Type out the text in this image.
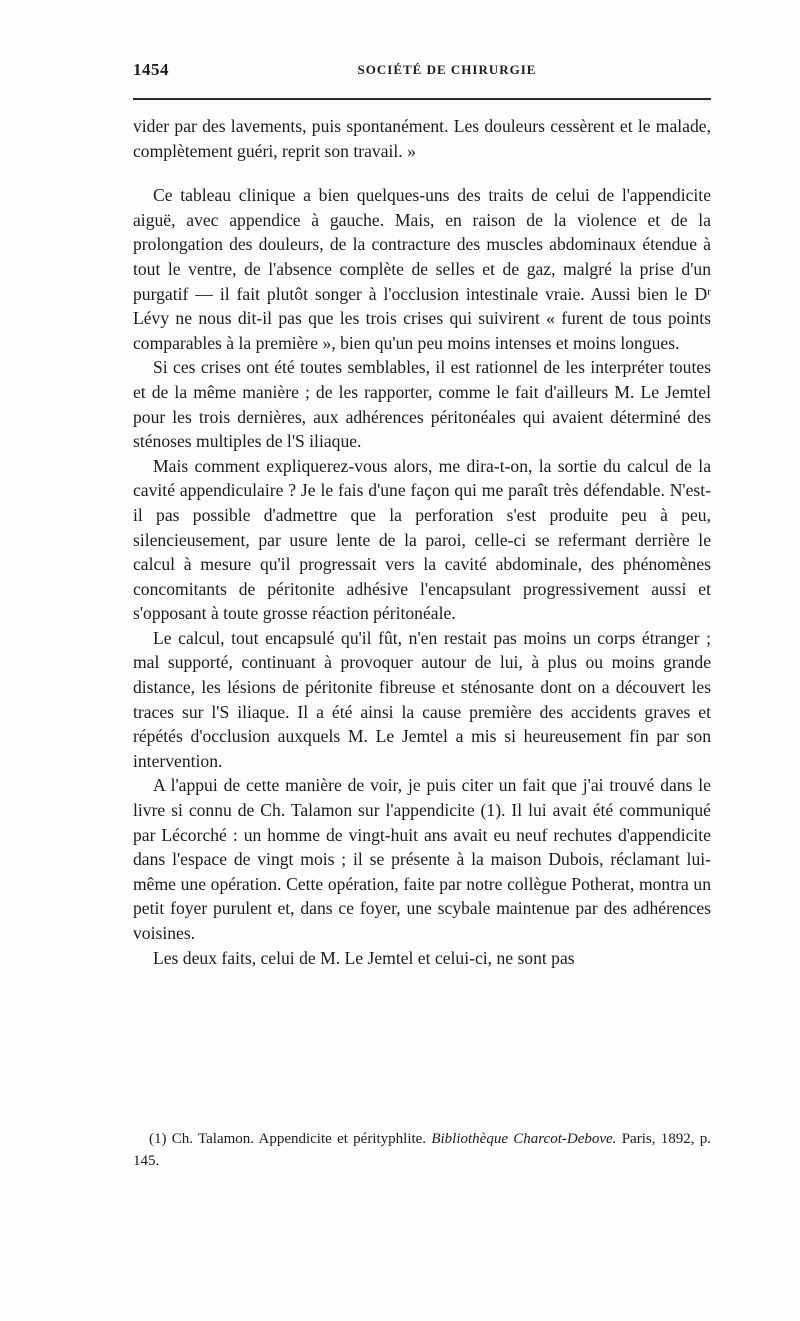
1454	SOCIÉTÉ DE CHIRURGIE

vider par des lavements, puis spontanément. Les douleurs cessèrent et le malade, complètement guéri, reprit son travail. »

Ce tableau clinique a bien quelques-uns des traits de celui de l'appendicite aiguë, avec appendice à gauche. Mais, en raison de la violence et de la prolongation des douleurs, de la contracture des muscles abdominaux étendue à tout le ventre, de l'absence complète de selles et de gaz, malgré la prise d'un purgatif — il fait plutôt songer à l'occlusion intestinale vraie. Aussi bien le Dʳ Lévy ne nous dit-il pas que les trois crises qui suivirent « furent de tous points comparables à la première », bien qu'un peu moins intenses et moins longues.

Si ces crises ont été toutes semblables, il est rationnel de les interpréter toutes et de la même manière ; de les rapporter, comme le fait d'ailleurs M. Le Jemtel pour les trois dernières, aux adhérences péritonéales qui avaient déterminé des sténoses multiples de l'S iliaque.

Mais comment expliquerez-vous alors, me dira-t-on, la sortie du calcul de la cavité appendiculaire ? Je le fais d'une façon qui me paraît très défendable. N'est-il pas possible d'admettre que la perforation s'est produite peu à peu, silencieusement, par usure lente de la paroi, celle-ci se refermant derrière le calcul à mesure qu'il progressait vers la cavité abdominale, des phénomènes concomitants de péritonite adhésive l'encapsulant progressivement aussi et s'opposant à toute grosse réaction péritonéale.

Le calcul, tout encapsulé qu'il fût, n'en restait pas moins un corps étranger ; mal supporté, continuant à provoquer autour de lui, à plus ou moins grande distance, les lésions de péritonite fibreuse et sténosante dont on a découvert les traces sur l'S iliaque. Il a été ainsi la cause première des accidents graves et répétés d'occlusion auxquels M. Le Jemtel a mis si heureusement fin par son intervention.

A l'appui de cette manière de voir, je puis citer un fait que j'ai trouvé dans le livre si connu de Ch. Talamon sur l'appendicite (1). Il lui avait été communiqué par Lécorché : un homme de vingt-huit ans avait eu neuf rechutes d'appendicite dans l'espace de vingt mois ; il se présente à la maison Dubois, réclamant lui-même une opération. Cette opération, faite par notre collègue Potherat, montra un petit foyer purulent et, dans ce foyer, une scybale maintenue par des adhérences voisines.

Les deux faits, celui de M. Le Jemtel et celui-ci, ne sont pas

(1) Ch. Talamon. Appendicite et pérityphlite. Bibliothèque Charcot-Debove. Paris, 1892, p. 145.
